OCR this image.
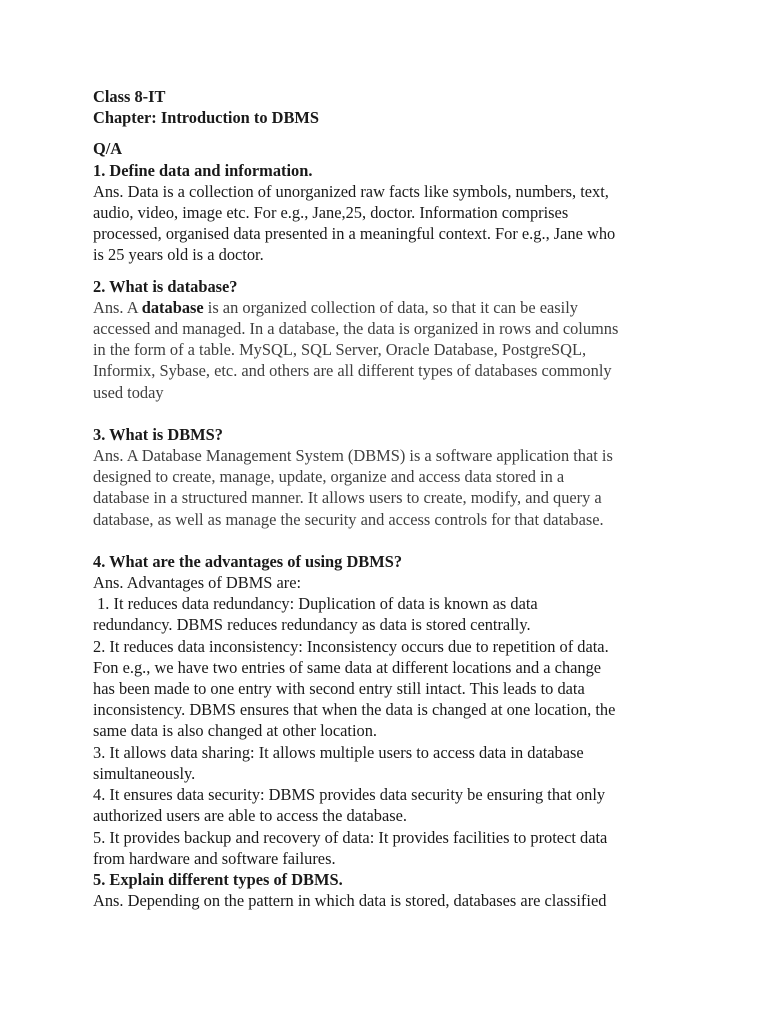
Class 8-IT
Chapter: Introduction to DBMS
Q/A
1. Define data and information.
Ans. Data is a collection of unorganized raw facts like symbols, numbers, text,
audio, video, image etc. For e.g., Jane,25, doctor. Information comprises
processed, organised data presented in a meaningful context. For e.g., Jane who
is 25 years old is a doctor.
2. What is database?
Ans. A database is an organized collection of data, so that it can be easily
accessed and managed. In a database, the data is organized in rows and columns
in the form of a table. MySQL, SQL Server, Oracle Database, PostgreSQL,
Informix, Sybase, etc. and others are all different types of databases commonly
used today
3. What is DBMS?
Ans. A Database Management System (DBMS) is a software application that is
designed to create, manage, update, organize and access data stored in a
database in a structured manner. It allows users to create, modify, and query a
database, as well as manage the security and access controls for that database.
4. What are the advantages of using DBMS?
Ans. Advantages of DBMS are:
1. It reduces data redundancy: Duplication of data is known as data
redundancy. DBMS reduces redundancy as data is stored centrally.
2. It reduces data inconsistency: Inconsistency occurs due to repetition of data.
Fon e.g., we have two entries of same data at different locations and a change
has been made to one entry with second entry still intact. This leads to data
inconsistency. DBMS ensures that when the data is changed at one location, the
same data is also changed at other location.
3. It allows data sharing: It allows multiple users to access data in database
simultaneously.
4. It ensures data security: DBMS provides data security be ensuring that only
authorized users are able to access the database.
5. It provides backup and recovery of data: It provides facilities to protect data
from hardware and software failures.
5. Explain different types of DBMS.
Ans. Depending on the pattern in which data is stored, databases are classified
